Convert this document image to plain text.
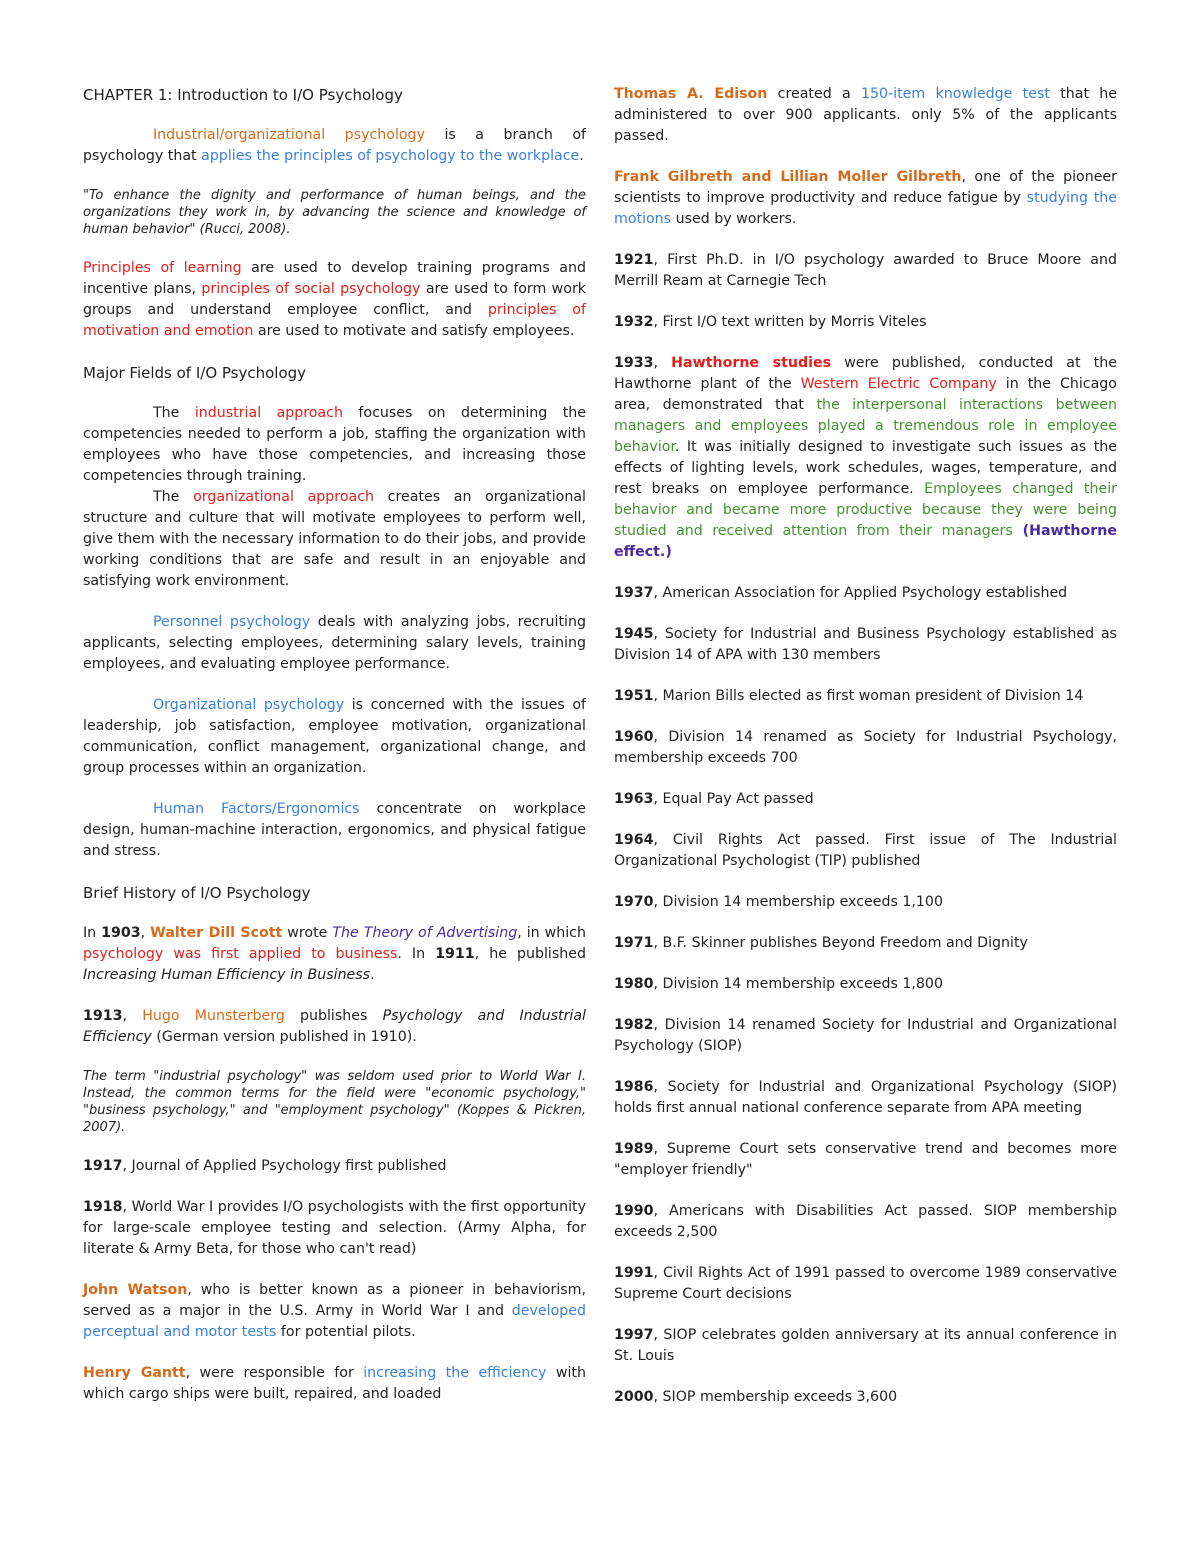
CHAPTER 1: Introduction to I/O Psychology

Industrial/organizational psychology is a branch of psychology that applies the principles of psychology to the workplace.

"To enhance the dignity and performance of human beings, and the organizations they work in, by advancing the science and knowledge of human behavior" (Rucci, 2008).

Principles of learning are used to develop training programs and incentive plans, principles of social psychology are used to form work groups and understand employee conflict, and principles of motivation and emotion are used to motivate and satisfy employees.

Major Fields of I/O Psychology

The industrial approach focuses on determining the competencies needed to perform a job, staffing the organization with employees who have those competencies, and increasing those competencies through training.

The organizational approach creates an organizational structure and culture that will motivate employees to perform well, give them with the necessary information to do their jobs, and provide working conditions that are safe and result in an enjoyable and satisfying work environment.

Personnel psychology deals with analyzing jobs, recruiting applicants, selecting employees, determining salary levels, training employees, and evaluating employee performance.

Organizational psychology is concerned with the issues of leadership, job satisfaction, employee motivation, organizational communication, conflict management, organizational change, and group processes within an organization.

Human Factors/Ergonomics concentrate on workplace design, human-machine interaction, ergonomics, and physical fatigue and stress.

Brief History of I/O Psychology

In 1903, Walter Dill Scott wrote The Theory of Advertising, in which psychology was first applied to business. In 1911, he published Increasing Human Efficiency in Business.

1913, Hugo Munsterberg publishes Psychology and Industrial Efficiency (German version published in 1910).

The term "industrial psychology" was seldom used prior to World War I. Instead, the common terms for the field were "economic psychology," "business psychology," and "employment psychology" (Koppes & Pickren, 2007).

1917, Journal of Applied Psychology first published

1918, World War I provides I/O psychologists with the first opportunity for large-scale employee testing and selection. (Army Alpha, for literate & Army Beta, for those who can't read)

John Watson, who is better known as a pioneer in behaviorism, served as a major in the U.S. Army in World War I and developed perceptual and motor tests for potential pilots.

Henry Gantt, were responsible for increasing the efficiency with which cargo ships were built, repaired, and loaded

Thomas A. Edison created a 150-item knowledge test that he administered to over 900 applicants. only 5% of the applicants passed.

Frank Gilbreth and Lillian Moller Gilbreth, one of the pioneer scientists to improve productivity and reduce fatigue by studying the motions used by workers.

1921, First Ph.D. in I/O psychology awarded to Bruce Moore and Merrill Ream at Carnegie Tech

1932, First I/O text written by Morris Viteles

1933, Hawthorne studies were published, conducted at the Hawthorne plant of the Western Electric Company in the Chicago area, demonstrated that the interpersonal interactions between managers and employees played a tremendous role in employee behavior. It was initially designed to investigate such issues as the effects of lighting levels, work schedules, wages, temperature, and rest breaks on employee performance. Employees changed their behavior and became more productive because they were being studied and received attention from their managers (Hawthorne effect.)

1937, American Association for Applied Psychology established

1945, Society for Industrial and Business Psychology established as Division 14 of APA with 130 members

1951, Marion Bills elected as first woman president of Division 14

1960, Division 14 renamed as Society for Industrial Psychology, membership exceeds 700

1963, Equal Pay Act passed

1964, Civil Rights Act passed. First issue of The Industrial Organizational Psychologist (TIP) published

1970, Division 14 membership exceeds 1,100

1971, B.F. Skinner publishes Beyond Freedom and Dignity

1980, Division 14 membership exceeds 1,800

1982, Division 14 renamed Society for Industrial and Organizational Psychology (SIOP)

1986, Society for Industrial and Organizational Psychology (SIOP) holds first annual national conference separate from APA meeting

1989, Supreme Court sets conservative trend and becomes more "employer friendly"

1990, Americans with Disabilities Act passed. SIOP membership exceeds 2,500

1991, Civil Rights Act of 1991 passed to overcome 1989 conservative Supreme Court decisions

1997, SIOP celebrates golden anniversary at its annual conference in St. Louis

2000, SIOP membership exceeds 3,600
